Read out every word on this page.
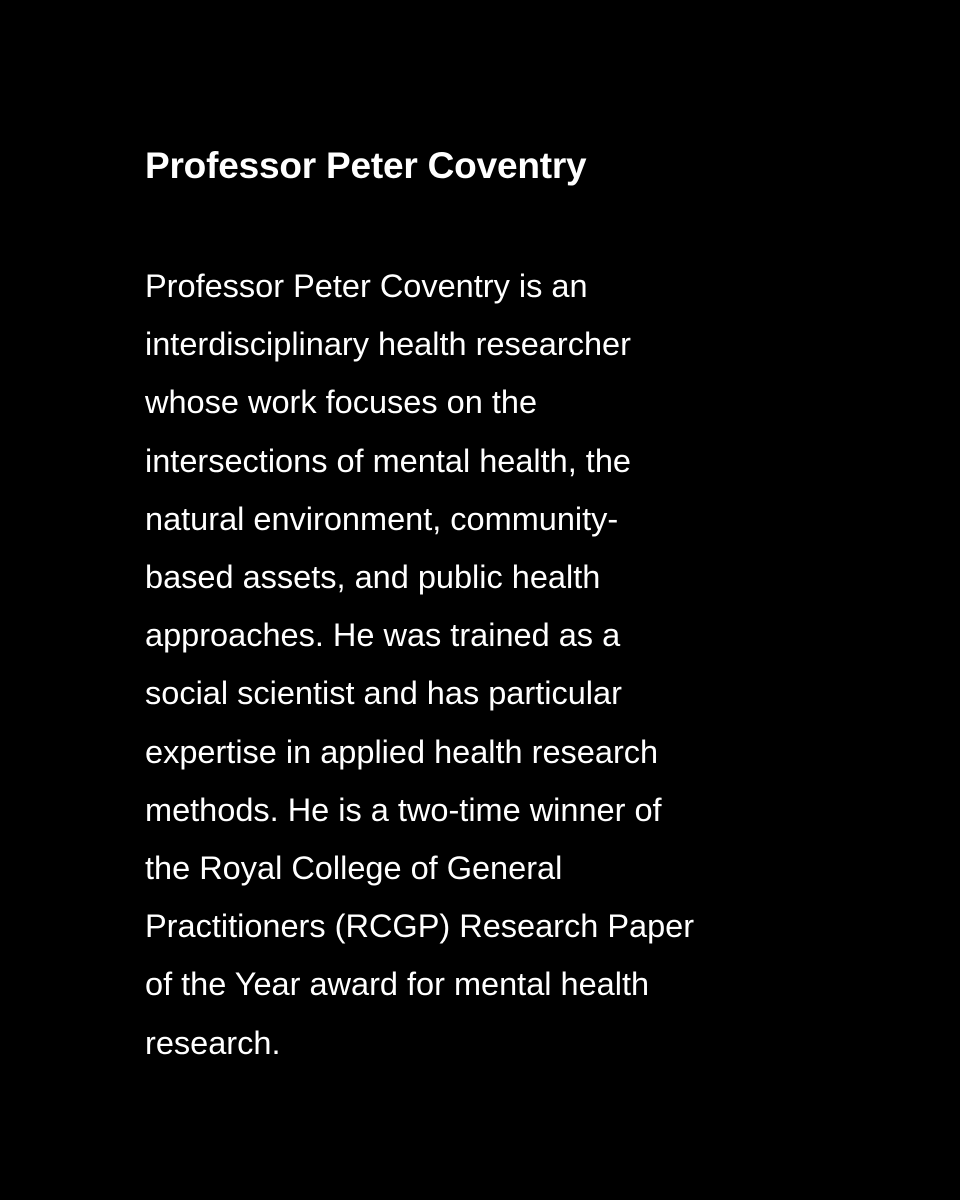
Professor Peter Coventry
Professor Peter Coventry is an
interdisciplinary health researcher
whose work focuses on the
intersections of mental health, the
natural environment, community-
based assets, and public health
approaches. He was trained as a
social scientist and has particular
expertise in applied health research
methods. He is a two-time winner of
the Royal College of General
Practitioners (RCGP) Research Paper
of the Year award for mental health
research.
